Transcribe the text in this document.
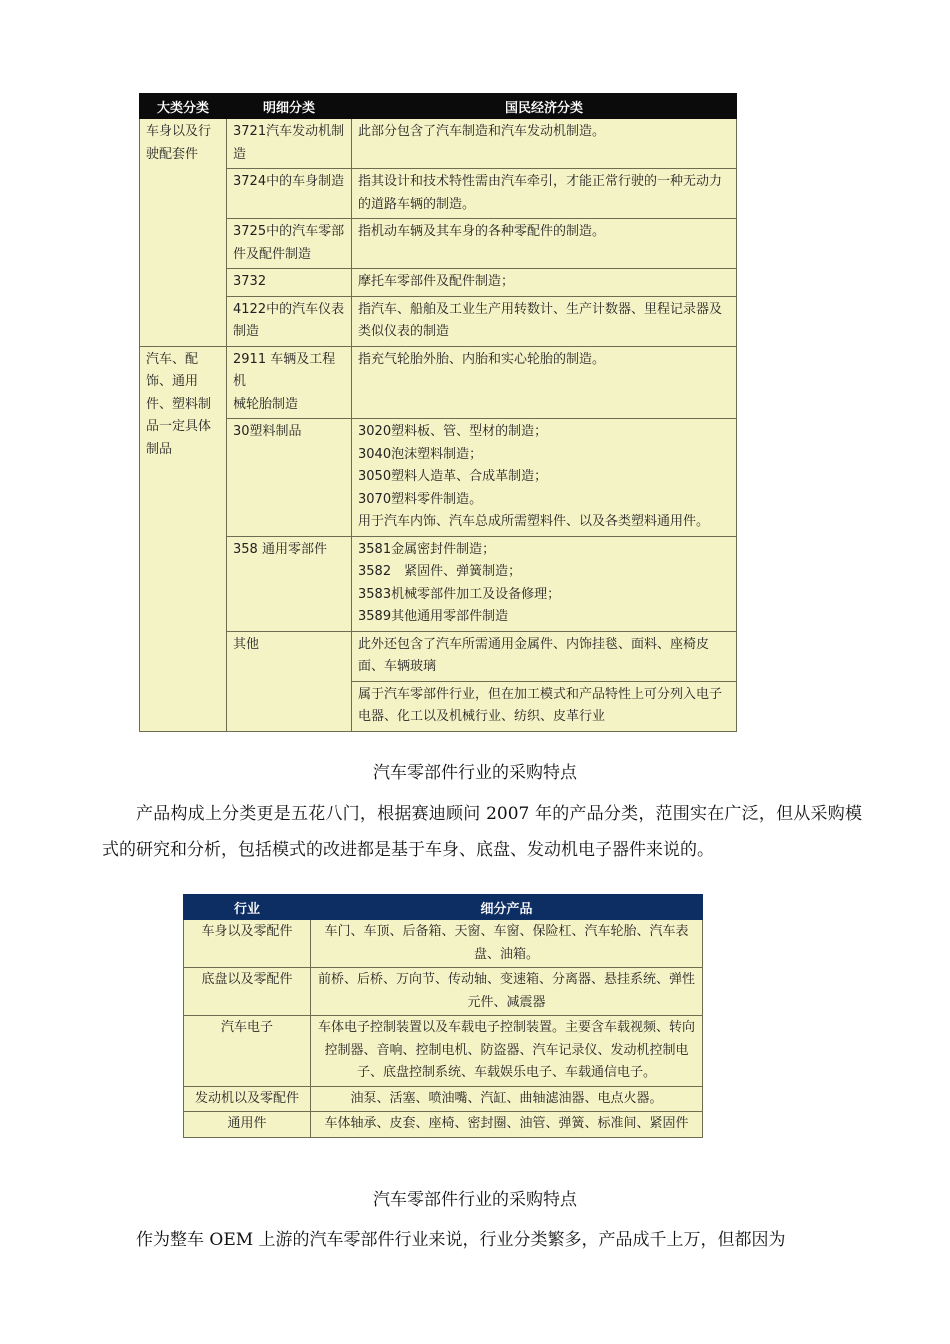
大类分类	明细分类	国民经济分类
车身以及行
驶配套件	3721汽车发动机制
造	此部分包含了汽车制造和汽车发动机制造。
	3724中的车身制造	指其设计和技术特性需由汽车牵引，才能正常行驶的一种无动力
的道路车辆的制造。
	3725中的汽车零部
件及配件制造	指机动车辆及其车身的各种零配件的制造。
	3732	摩托车零部件及配件制造；
	4122中的汽车仪表
制造	指汽车、船舶及工业生产用转数计、生产计数器、里程记录器及
类似仪表的制造
汽车、配
饰、通用
件、塑料制
品一定具体
制品	2911 车辆及工程机
械轮胎制造	指充气轮胎外胎、内胎和实心轮胎的制造。
	30塑料制品	3020塑料板、管、型材的制造；
3040泡沫塑料制造；
3050塑料人造革、合成革制造；
3070塑料零件制造。
用于汽车内饰、汽车总成所需塑料件、以及各类塑料通用件。
	358 通用零部件	3581金属密封件制造；
3582　紧固件、弹簧制造；
3583机械零部件加工及设备修理；
3589其他通用零部件制造
	其他	此外还包含了汽车所需通用金属件、内饰挂毯、面料、座椅皮
面、车辆玻璃
		属于汽车零部件行业，但在加工模式和产品特性上可分列入电子
电器、化工以及机械行业、纺织、皮革行业
汽车零部件行业的采购特点
产品构成上分类更是五花八门，根据赛迪顾问 2007 年的产品分类，范围实在广泛，但从采购模式的研究和分析，包括模式的改进都是基于车身、底盘、发动机电子器件来说的。
行业	细分产品
车身以及零配件	车门、车顶、后备箱、天窗、车窗、保险杠、汽车轮胎、汽车表
盘、油箱。
底盘以及零配件	前桥、后桥、万向节、传动轴、变速箱、分离器、悬挂系统、弹性
元件、减震器
汽车电子	车体电子控制装置以及车载电子控制装置。主要含车载视频、转向
控制器、音响、控制电机、防盗器、汽车记录仪、发动机控制电
子、底盘控制系统、车载娱乐电子、车载通信电子。
发动机以及零配件	油泵、活塞、喷油嘴、汽缸、曲轴滤油器、电点火器。
通用件	车体轴承、皮套、座椅、密封圈、油管、弹簧、标准间、紧固件
汽车零部件行业的采购特点
作为整车 OEM 上游的汽车零部件行业来说，行业分类繁多，产品成千上万，但都因为
